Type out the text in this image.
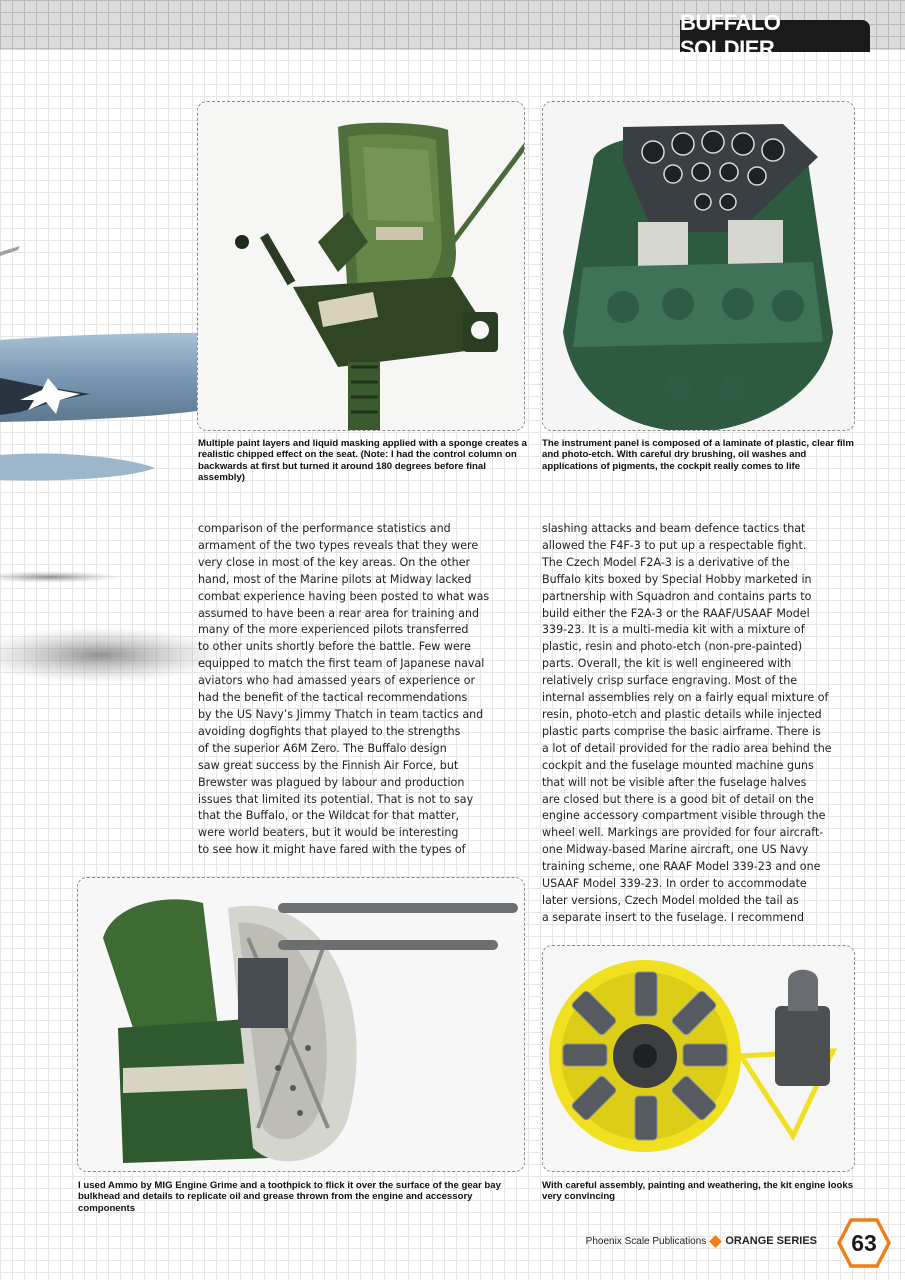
BUFFALO SOLDIER
Multiple paint layers and liquid masking applied with a sponge creates a realistic chipped effect on the seat. (Note: I had the control column on backwards at first but turned it around 180 degrees before final assembly)
The instrument panel is composed of a laminate of plastic, clear film and photo-etch. With careful dry brushing, oil washes and applications of pigments, the cockpit really comes to life
comparison of the performance statistics and
armament of the two types reveals that they were
very close in most of the key areas. On the other
hand, most of the Marine pilots at Midway lacked
combat experience having been posted to what was
assumed to have been a rear area for training and
many of the more experienced pilots transferred
to other units shortly before the battle. Few were
equipped to match the first team of Japanese naval
aviators who had amassed years of experience or
had the benefit of the tactical recommendations
by the US Navy’s Jimmy Thatch in team tactics and
avoiding dogfights that played to the strengths
of the superior A6M Zero. The Buffalo design
saw great success by the Finnish Air Force, but
Brewster was plagued by labour and production
issues that limited its potential. That is not to say
that the Buffalo, or the Wildcat for that matter,
were world beaters, but it would be interesting
to see how it might have fared with the types of
slashing attacks and beam defence tactics that
allowed the F4F-3 to put up a respectable fight.
The Czech Model F2A-3 is a derivative of the
Buffalo kits boxed by Special Hobby marketed in
partnership with Squadron and contains parts to
build either the F2A-3 or the RAAF/USAAF Model
339-23. It is a multi-media kit with a mixture of
plastic, resin and photo-etch (non-pre-painted)
parts. Overall, the kit is well engineered with
relatively crisp surface engraving. Most of the
internal assemblies rely on a fairly equal mixture of
resin, photo-etch and plastic details while injected
plastic parts comprise the basic airframe. There is
a lot of detail provided for the radio area behind the
cockpit and the fuselage mounted machine guns
that will not be visible after the fuselage halves
are closed but there is a good bit of detail on the
engine accessory compartment visible through the
wheel well. Markings are provided for four aircraft-
one Midway-based Marine aircraft, one US Navy
training scheme, one RAAF Model 339-23 and one
USAAF Model 339-23. In order to accommodate
later versions, Czech Model molded the tail as
a separate insert to the fuselage. I recommend
I used Ammo by MIG Engine Grime and a toothpick to flick it over the surface of the gear bay bulkhead and details to replicate oil and grease thrown from the engine and accessory components
With careful assembly, painting and weathering, the kit engine looks very convincing
Phoenix Scale Publications ORANGE SERIES	63
